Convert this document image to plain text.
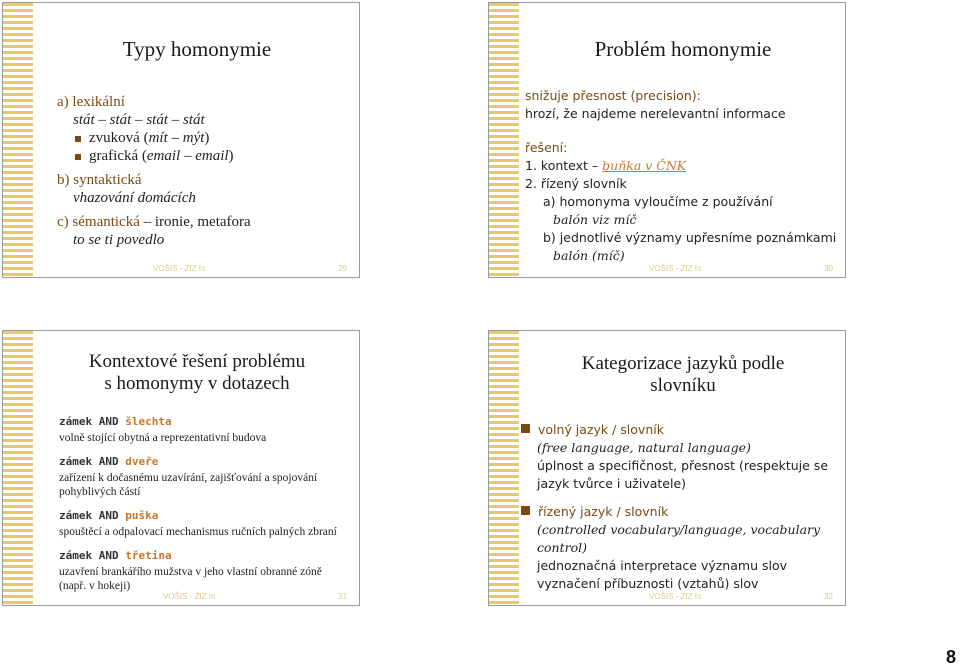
Typy homonymie
a) lexikální
stát – stát – stát – stát
zvuková (mít – mýt)
grafická (email – email)
b) syntaktická
vhazování domácích
c) sémantická – ironie, metafora
to se ti povedlo
VOŠIS - ZIZ Io	29
Problém homonymie
snižuje přesnost (precision):
hrozí, že najdeme nerelevantní informace
řešení:
1. kontext – buňka v ČNK
2. řízený slovník
a) homonyma vyloučíme z používání
balón viz míč
b) jednotlivé významy upřesníme poznámkami
balón (míč)
VOŠIS - ZIZ Io	30
Kontextové řešení problému
s homonymy v dotazech
zámek AND šlechta
volně stojící obytná a reprezentativní budova
zámek AND dveře
zařízení k dočasnému uzavírání, zajišťování a spojování pohyblivých částí
zámek AND puška
spouštěcí a odpalovací mechanismus ručních palných zbraní
zámek AND třetina
uzavření brankářího mužstva v jeho vlastní obranné zóně (např. v hokeji)
VOŠIS - ZIZ Io	31
Kategorizace jazyků podle
slovníku
volný jazyk / slovník
(free language, natural language)
úplnost a specifičnost, přesnost (respektuje se jazyk tvůrce i uživatele)
řízený jazyk / slovník
(controlled vocabulary/language, vocabulary control)
jednoznačná interpretace významu slov
vyznačení příbuznosti (vztahů) slov
VOŠIS - ZIZ Io	32
8
